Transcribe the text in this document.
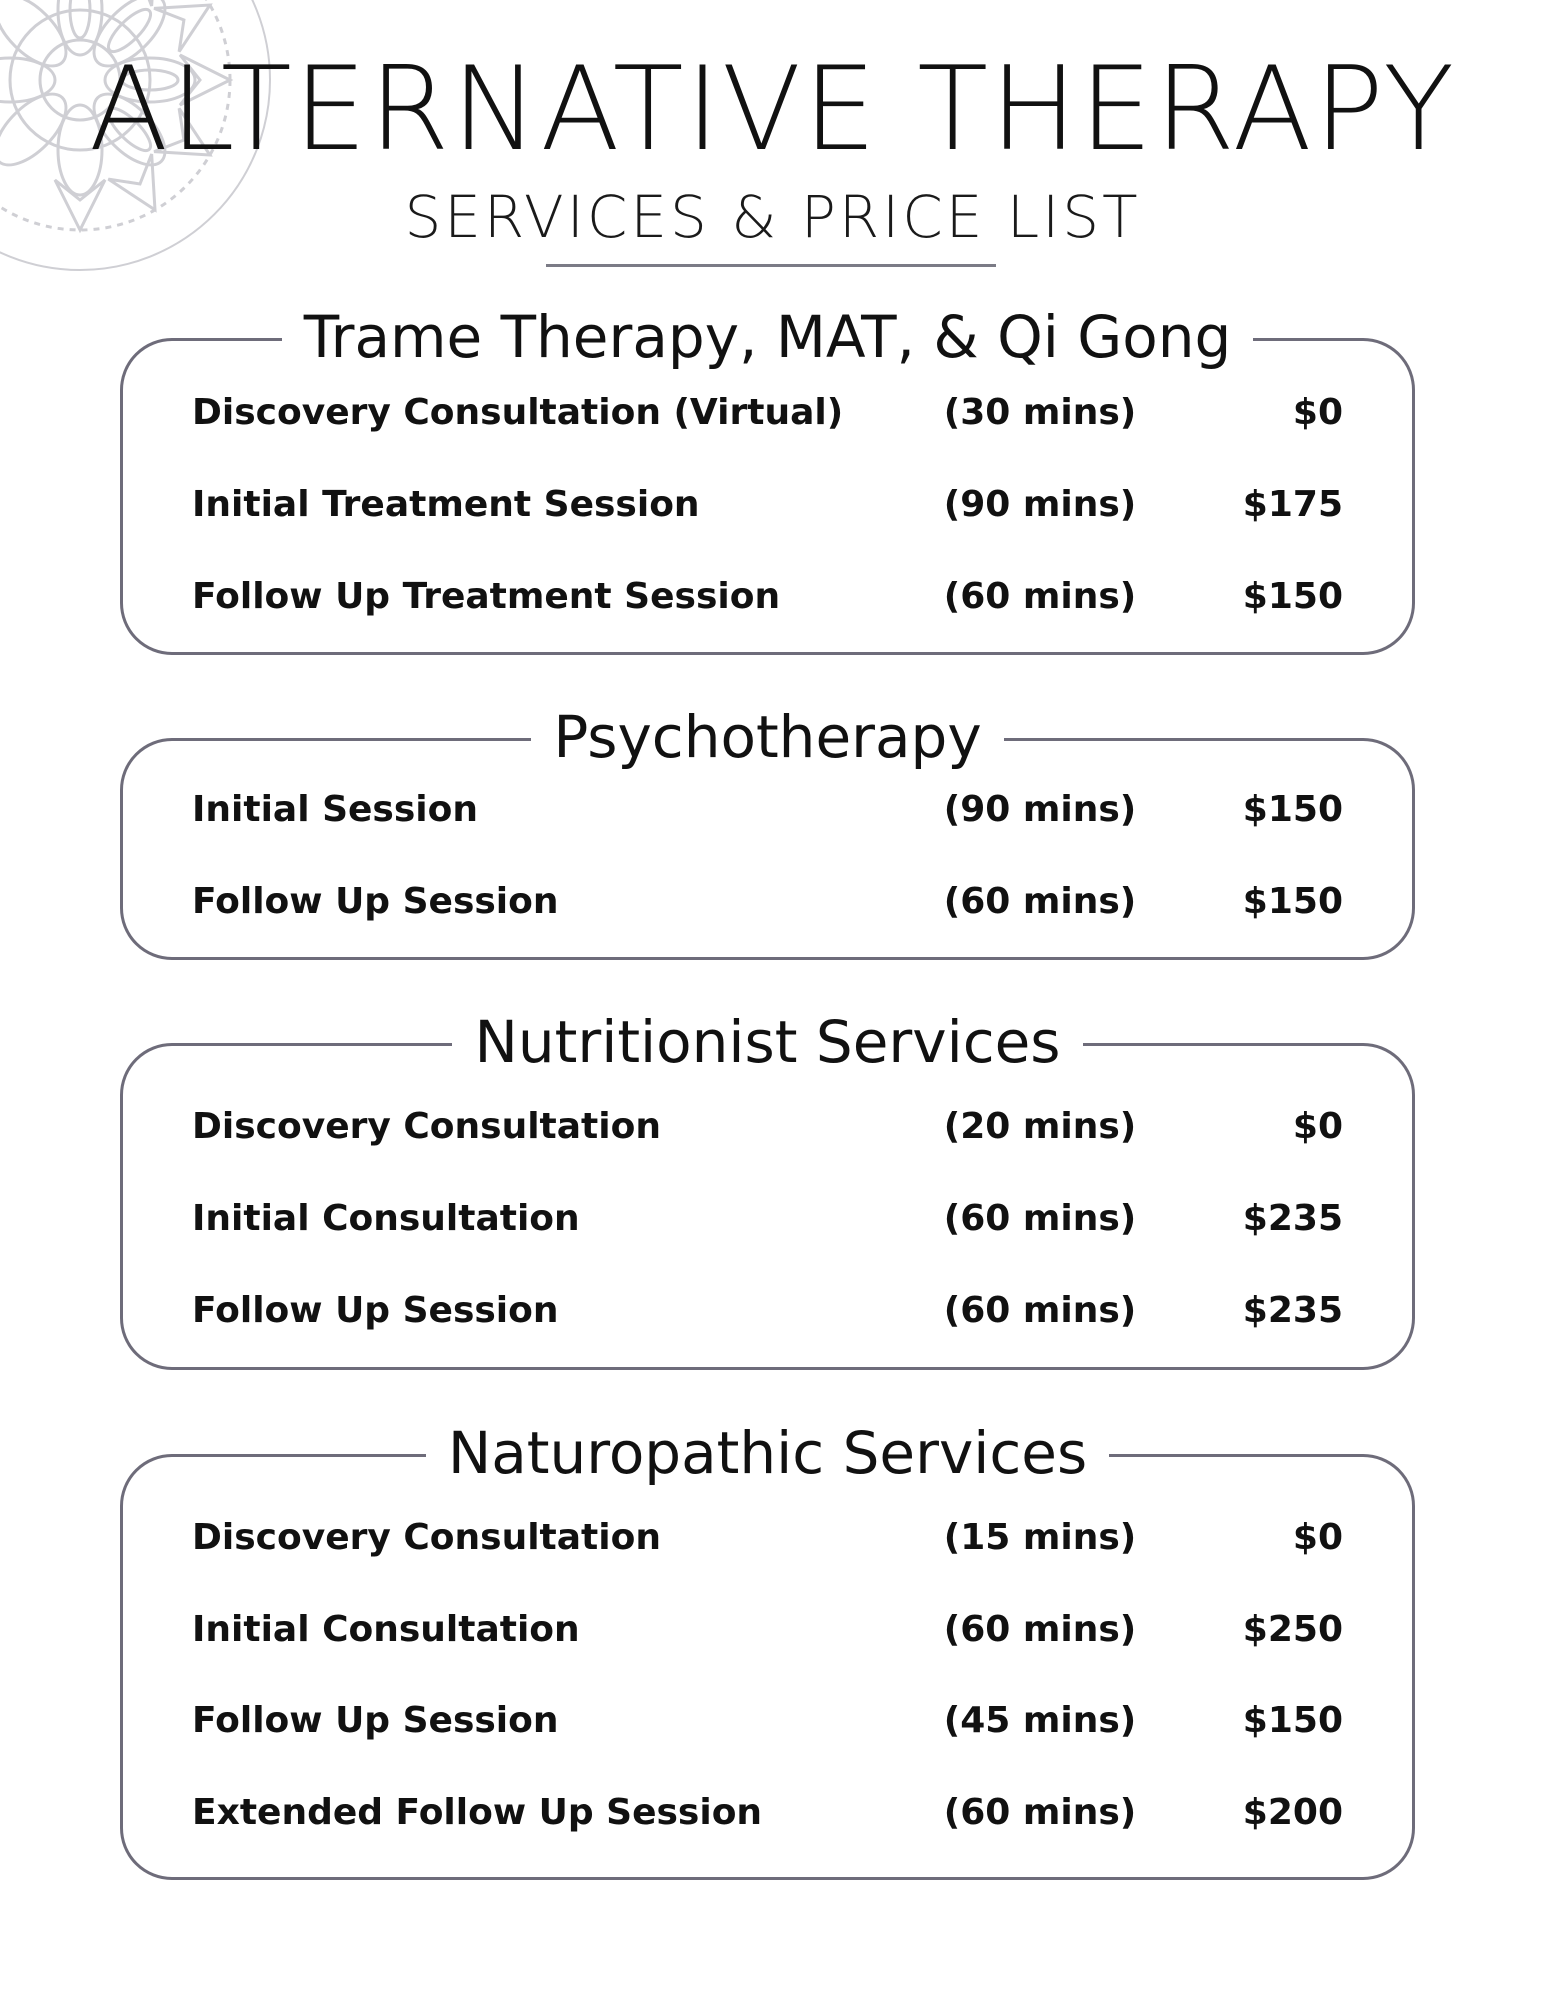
ALTERNATIVE THERAPY
SERVICES & PRICE LIST
Trame Therapy, MAT, & Qi Gong
Discovery Consultation (Virtual)	(30 mins)	$0
Initial Treatment Session	(90 mins)	$175
Follow Up Treatment Session	(60 mins)	$150
Psychotherapy
Initial Session	(90 mins)	$150
Follow Up Session	(60 mins)	$150
Nutritionist Services
Discovery Consultation	(20 mins)	$0
Initial Consultation	(60 mins)	$235
Follow Up Session	(60 mins)	$235
Naturopathic Services
Discovery Consultation	(15 mins)	$0
Initial Consultation	(60 mins)	$250
Follow Up Session	(45 mins)	$150
Extended Follow Up Session	(60 mins)	$200
